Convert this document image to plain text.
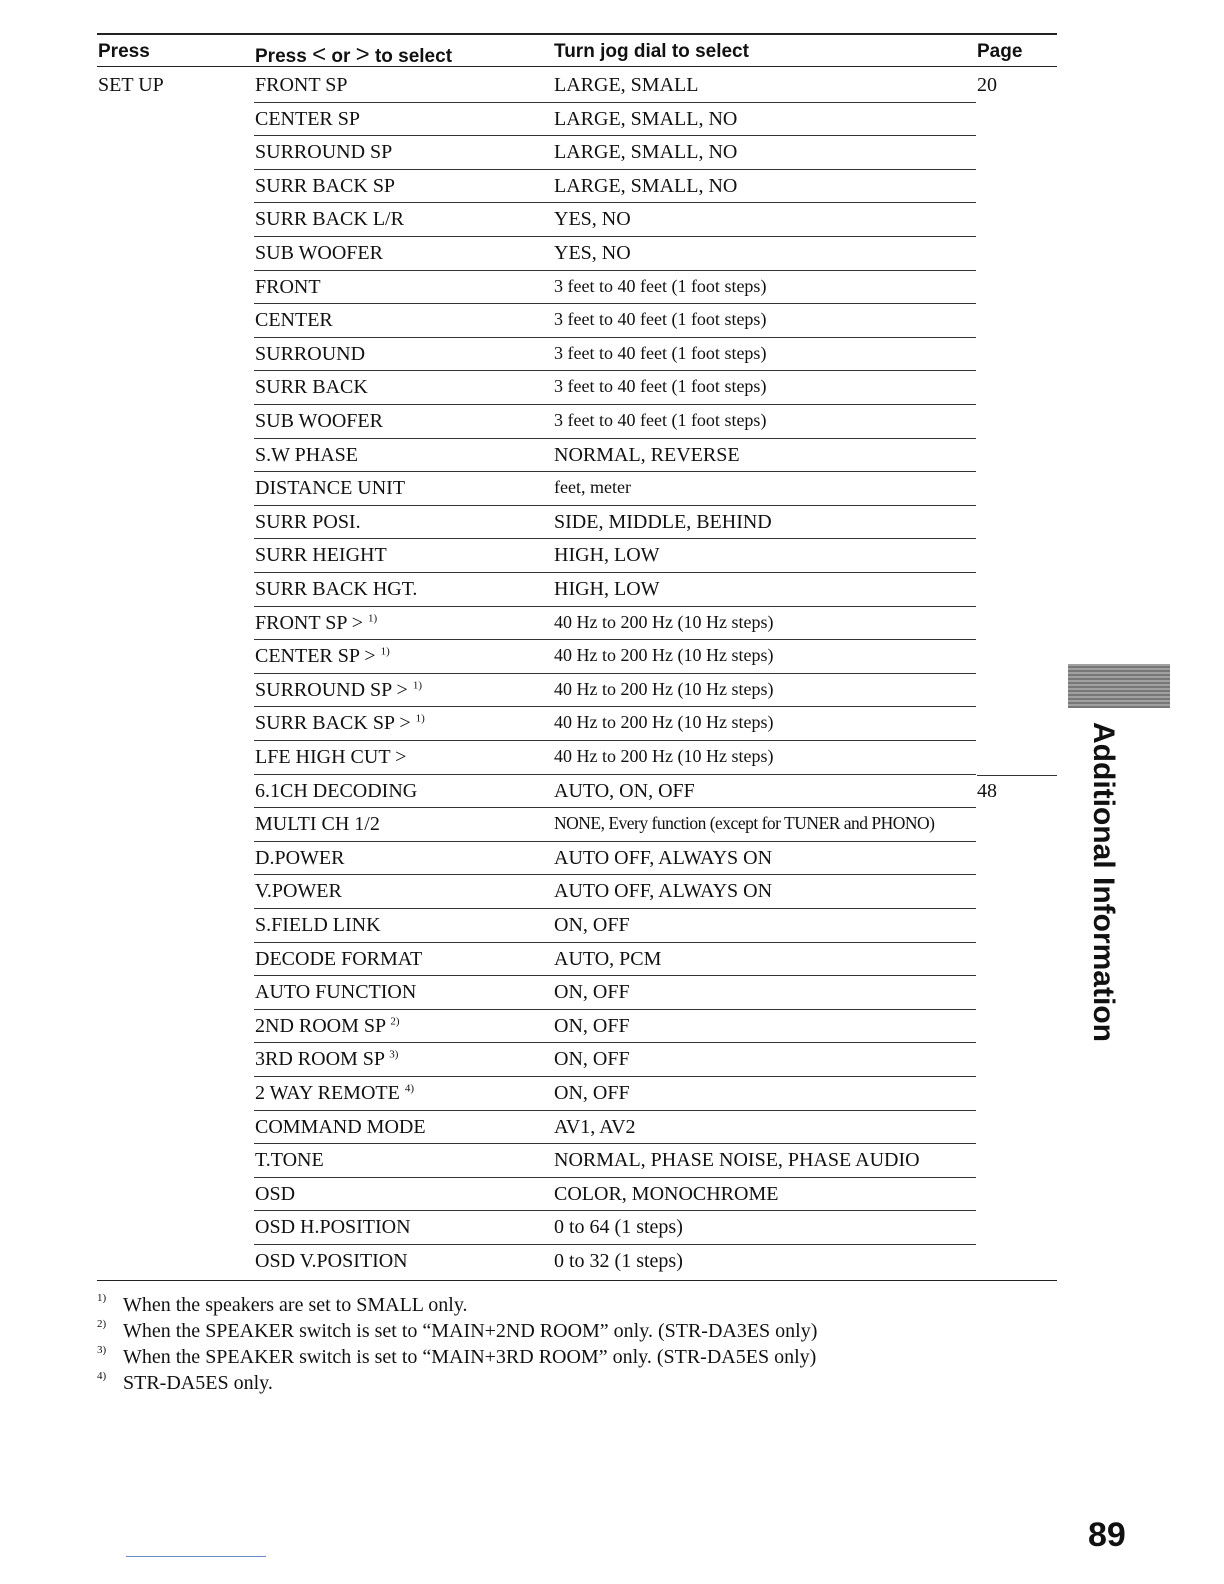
Press	Press < or > to select	Turn jog dial to select	Page
SET UP	FRONT SP	LARGE, SMALL	20
CENTER SP	LARGE, SMALL, NO
SURROUND SP	LARGE, SMALL, NO
SURR BACK SP	LARGE, SMALL, NO
SURR BACK L/R	YES, NO
SUB WOOFER	YES, NO
FRONT	3 feet to 40 feet (1 foot steps)
CENTER	3 feet to 40 feet (1 foot steps)
SURROUND	3 feet to 40 feet (1 foot steps)
SURR BACK	3 feet to 40 feet (1 foot steps)
SUB WOOFER	3 feet to 40 feet (1 foot steps)
S.W PHASE	NORMAL, REVERSE
DISTANCE UNIT	feet, meter
SURR POSI.	SIDE, MIDDLE, BEHIND
SURR HEIGHT	HIGH, LOW
SURR BACK HGT.	HIGH, LOW
FRONT SP > $^{1)}$	40 Hz to 200 Hz (10 Hz steps)
CENTER SP > $^{1)}$	40 Hz to 200 Hz (10 Hz steps)
SURROUND SP > $^{1)}$	40 Hz to 200 Hz (10 Hz steps)
SURR BACK SP > $^{1)}$	40 Hz to 200 Hz (10 Hz steps)
LFE HIGH CUT >	40 Hz to 200 Hz (10 Hz steps)
6.1CH DECODING	AUTO, ON, OFF	48
MULTI CH 1/2	NONE, Every function (except for TUNER and PHONO)
D.POWER	AUTO OFF, ALWAYS ON
V.POWER	AUTO OFF, ALWAYS ON
S.FIELD LINK	ON, OFF
DECODE FORMAT	AUTO, PCM
AUTO FUNCTION	ON, OFF
2ND ROOM SP $^{2)}$	ON, OFF
3RD ROOM SP $^{3)}$	ON, OFF
2 WAY REMOTE $^{4)}$	ON, OFF
COMMAND MODE	AV1, AV2
T.TONE	NORMAL, PHASE NOISE, PHASE AUDIO
OSD	COLOR, MONOCHROME
OSD H.POSITION	0 to 64 (1 steps)
OSD V.POSITION	0 to 32 (1 steps)
1) When the speakers are set to SMALL only.
2) When the SPEAKER switch is set to “MAIN+2ND ROOM” only. (STR-DA3ES only)
3) When the SPEAKER switch is set to “MAIN+3RD ROOM” only. (STR-DA5ES only)
4) STR-DA5ES only.
Additional Information
89
